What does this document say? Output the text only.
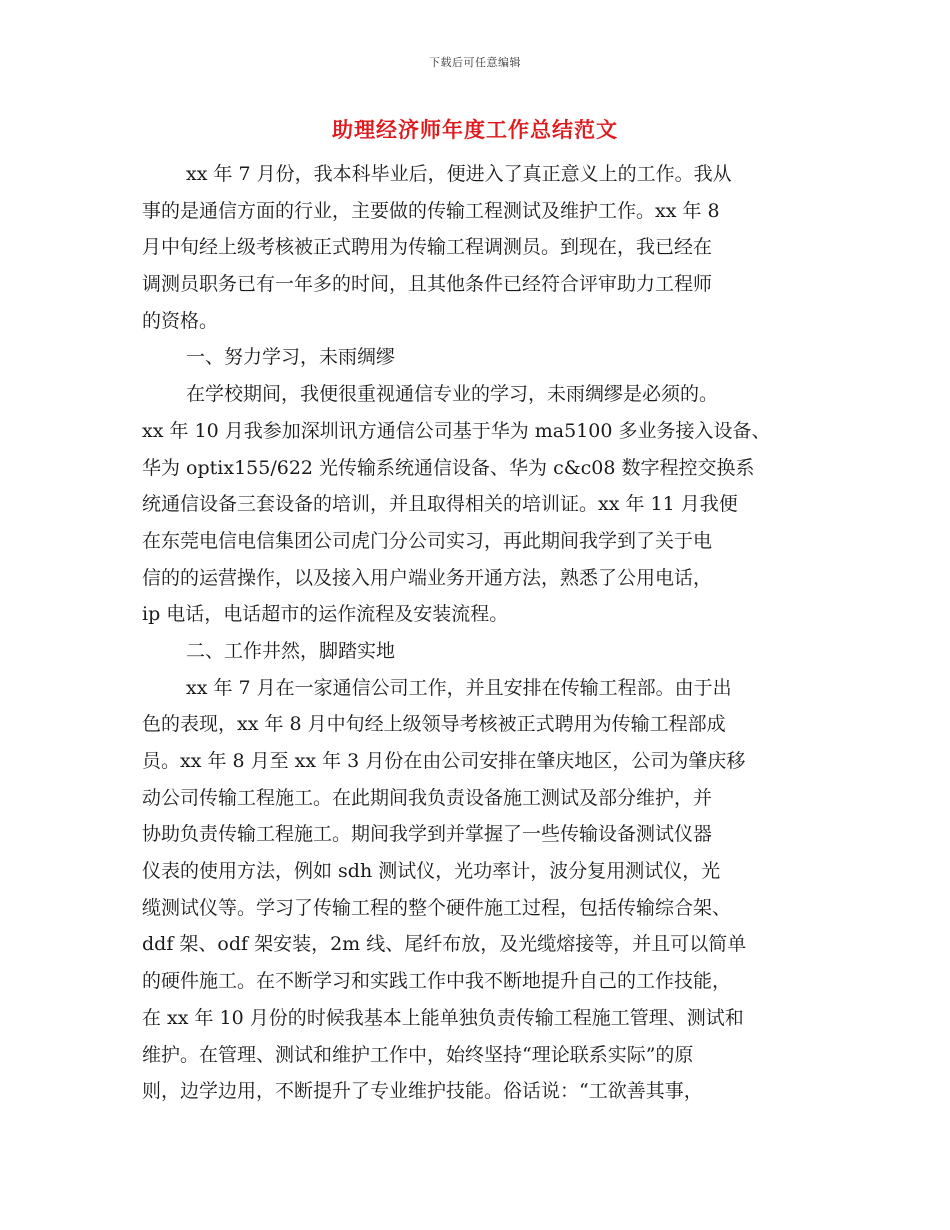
下载后可任意编辑
助理经济师年度工作总结范文
xx 年 7 月份，我本科毕业后，便进入了真正意义上的工作。我从
事的是通信方面的行业，主要做的传输工程测试及维护工作。xx 年 8
月中旬经上级考核被正式聘用为传输工程调测员。到现在，我已经在
调测员职务已有一年多的时间，且其他条件已经符合评审助力工程师
的资格。
一、努力学习，未雨绸缪
在学校期间，我便很重视通信专业的学习，未雨绸缪是必须的。
xx 年 10 月我参加深圳讯方通信公司基于华为 ma5100 多业务接入设备、
华为 optix155/622 光传输系统通信设备、华为 c&c08 数字程控交换系
统通信设备三套设备的培训，并且取得相关的培训证。xx 年 11 月我便
在东莞电信电信集团公司虎门分公司实习，再此期间我学到了关于电
信的的运营操作，以及接入用户端业务开通方法，熟悉了公用电话，
ip 电话，电话超市的运作流程及安装流程。
二、工作井然，脚踏实地
xx 年 7 月在一家通信公司工作，并且安排在传输工程部。由于出
色的表现，xx 年 8 月中旬经上级领导考核被正式聘用为传输工程部成
员。xx 年 8 月至 xx 年 3 月份在由公司安排在肇庆地区，公司为肇庆移
动公司传输工程施工。在此期间我负责设备施工测试及部分维护，并
协助负责传输工程施工。期间我学到并掌握了一些传输设备测试仪器
仪表的使用方法，例如 sdh 测试仪，光功率计，波分复用测试仪，光
缆测试仪等。学习了传输工程的整个硬件施工过程，包括传输综合架、
ddf 架、odf 架安装，2m 线、尾纤布放，及光缆熔接等，并且可以简单
的硬件施工。在不断学习和实践工作中我不断地提升自己的工作技能，
在 xx 年 10 月份的时候我基本上能单独负责传输工程施工管理、测试和
维护。在管理、测试和维护工作中，始终坚持“理论联系实际”的原
则，边学边用，不断提升了专业维护技能。俗话说：“工欲善其事，
